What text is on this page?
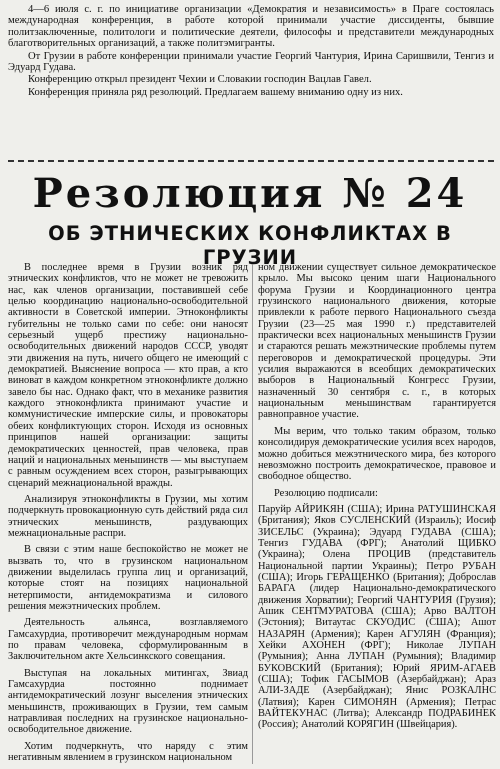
4—6 июля с. г. по инициативе организации «Демократия и независимость» в Праге состоялась международная конференция, в работе которой принимали участие диссиденты, бывшие политзаключенные, политологи и политические деятели, философы и представители международных благотворительных организаций, а также политэмигранты.

От Грузии в работе конференции принимали участие Георгий Чантурия, Ирина Саришвили, Тенгиз и Эдуард Гудава.

Конференцию открыл президент Чехии и Словакии господин Вацлав Гавел.

Конференция приняла ряд резолюций. Предлагаем вашему вниманию одну из них.

Резолюция № 24
ОБ ЭТНИЧЕСКИХ КОНФЛИКТАХ В ГРУЗИИ

В последнее время в Грузии возник ряд этнических конфликтов, что не может не тревожить нас, как членов организации, поставившей себе целью координацию национально-освободительной активности в Советской империи. Этноконфликты губительны не только сами по себе: они наносят серьезный ущерб престижу национально-освободительных движений народов СССР, уводят эти движения на путь, ничего общего не имеющий с демократией. Выяснение вопроса — кто прав, а кто виноват в каждом конкретном этноконфликте должно завело бы нас. Однако факт, что в механике развития каждого этноконфликта принимают участие и коммунистические имперские силы, и провокаторы обеих конфликтующих сторон. Исходя из основных принципов нашей организации: защиты демократических ценностей, прав человека, прав наций и национальных меньшинств — мы выступаем с равным осуждением всех сторон, разыгрывающих сценарий межнациональной вражды.

Анализируя этноконфликты в Грузии, мы хотим подчеркнуть провокационную суть действий ряда сил этнических меньшинств, раздувающих межнациональные распри.

В связи с этим наше беспокойство не может не вызвать то, что в грузинском национальном движении выделилась группа лиц и организаций, которые стоят на позициях национальной нетерпимости, антидемократизма и силового решения межэтнических проблем.

Деятельность альянса, возглавляемого Гамсахурдиа, противоречит международным нормам по правам человека, сформулированным в Заключительном акте Хельсинкского совещания.

Выступая на локальных митингах, Звиад Гамсахурдиа постоянно поднимает антидемократический лозунг выселения этнических меньшинств, проживающих в Грузии, тем самым натравливая последних на грузинское национально-освободительное движение.

Хотим подчеркнуть, что наряду с этим негативным явлением в грузинском национальном

ном движении существует сильное демократическое крыло. Мы высоко ценим шаги Национального форума Грузии и Координационного центра грузинского национального движения, которые привлекли к работе первого Национального съезда Грузии (23—25 мая 1990 г.) представителей практически всех национальных меньшинств Грузии и стараются решать межэтнические проблемы путем переговоров и демократической процедуры. Эти усилия выражаются в всеобщих демократических выборов в Национальный Конгресс Грузии, назначенный 30 сентября с. г., в которых национальным меньшинствам гарантируется равноправное участие.

Мы верим, что только таким образом, только консолидируя демократические усилия всех народов, можно добиться межэтнического мира, без которого невозможно построить демократическое, правовое и свободное общество.

Резолюцию подписали:

Паруйр АЙРИКЯН (США); Ирина РАТУШИНСКАЯ (Британия); Яков СУСЛЕНСКИЙ (Израиль); Иосиф ЗИСЕЛЬС (Украина); Эдуард ГУДАВА (США); Тенгиз ГУДАВА (ФРГ); Анатолий ЩИБКО (Украина); Олена ПРОЦИВ (представитель Национальной партии Украины); Петро РУБАН (США); Игорь ГЕРАЩЕНКО (Британия); Доброслав БАРАГА (лидер Национально-демократического движения Хорватии); Георгий ЧАНТУРИЯ (Грузия); Ашик СЕНТМУРАТОВА (США); Арво ВАЛТОН (Эстония); Витаутас СКУОДИС (США); Ашот НАЗАРЯН (Армения); Карен АГУЛЯН (Франция); Хейки АХОНЕН (ФРГ); Николае ЛУПАН (Румыния); Анна ЛУПАН (Румыния); Владимир БУКОВСКИЙ (Британия); Юрий ЯРИМ-АГАЕВ (США); Тофик ГАСЫМОВ (Азербайджан); Араз АЛИ-ЗАДЕ (Азербайджан); Янис РОЗКАЛНС (Латвия); Карен СИМОНЯН (Армения); Петрас ВАЙТЕКУНАС (Литва); Александр ПОДРАБИНЕК (Россия); Анатолий КОРЯГИН (Швейцария).
